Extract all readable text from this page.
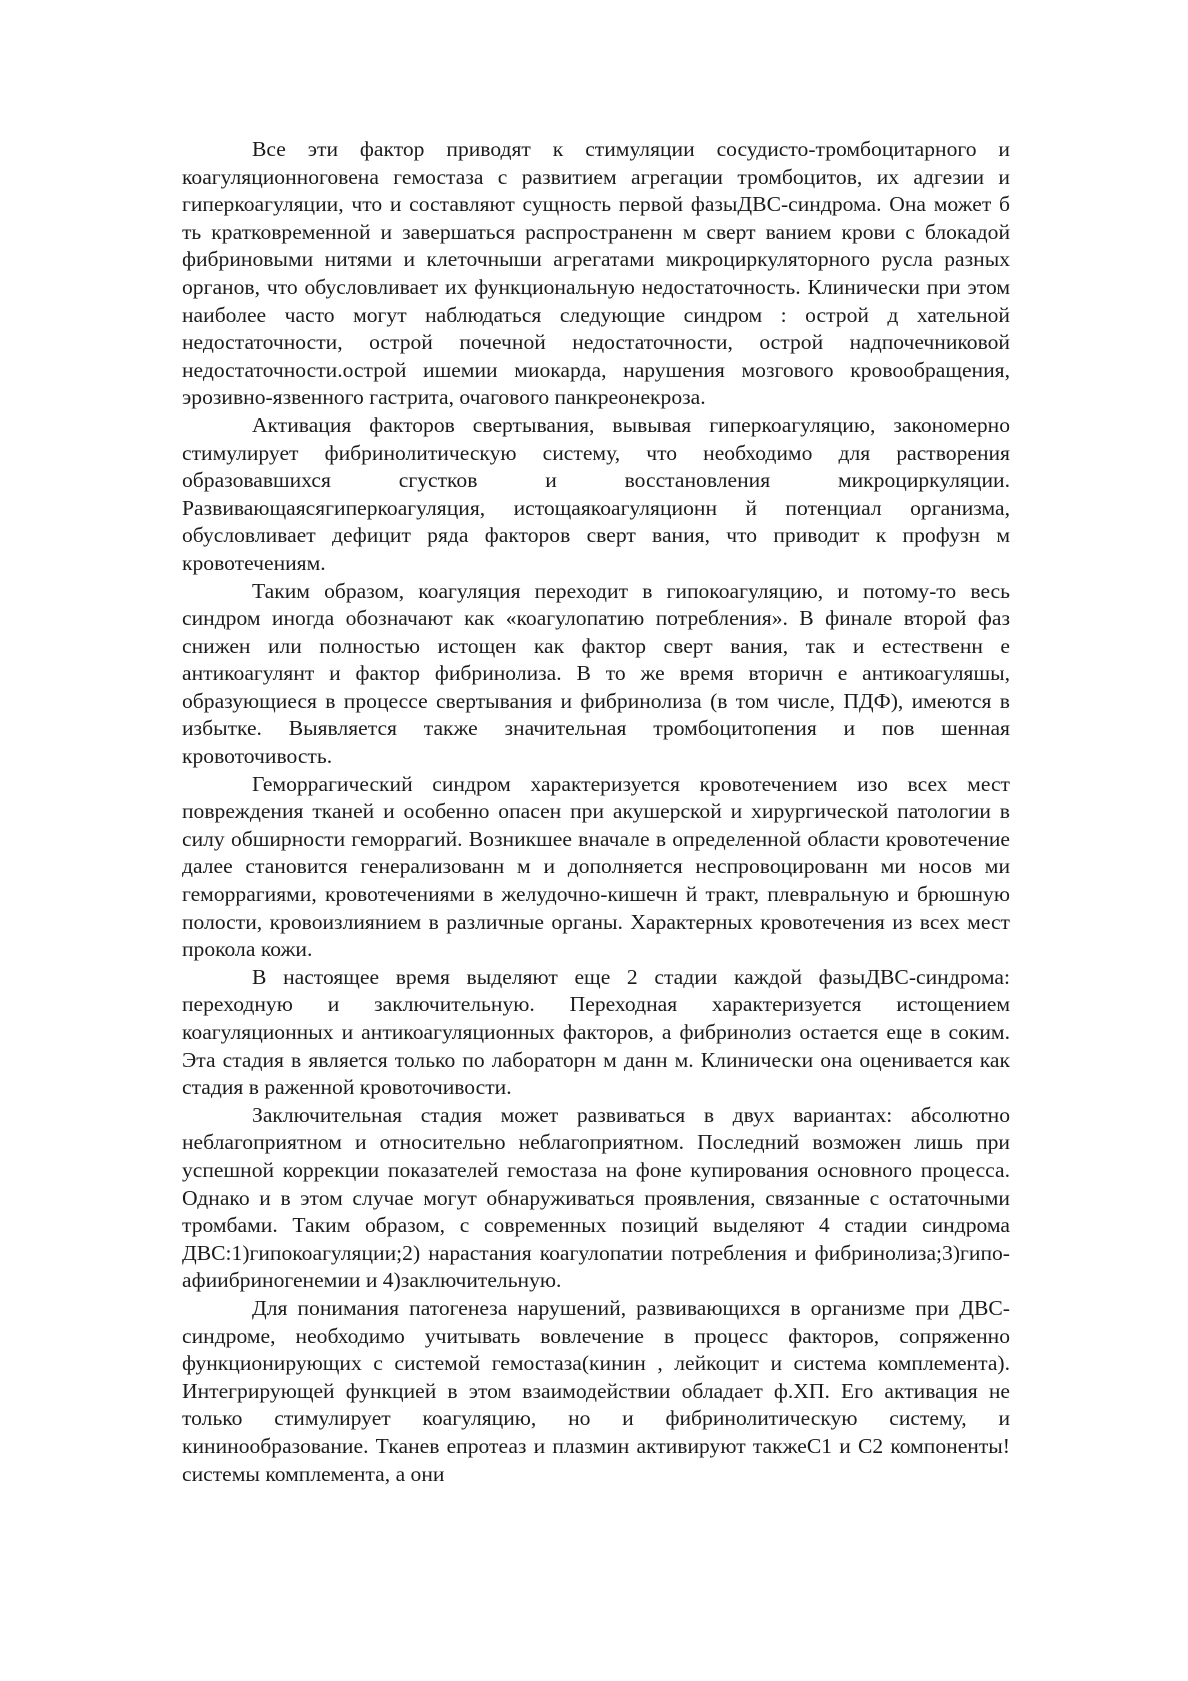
Все эти фактор приводят к стимуляции сосудисто-тромбоцитарного и коагуляционноговена гемостаза с развитием агрегации тромбоцитов, их адгезии и гиперкоагуляции, что и составляют сущность первой фазыДВС-синдрома. Она может б ть кратковременной и завершаться распространенн м сверт ванием крови с блокадой фибриновыми нитями и клеточныши агрегатами микроциркуляторного русла разных органов, что обусловливает их функциональную недостаточность. Клинически при этом наиболее часто могут наблюдаться следующие синдром : острой д хательной недостаточности, острой почечной недостаточности, острой надпочечниковой недостаточности.острой ишемии миокарда, нарушения мозгового кровообращения, эрозивно-язвенного гастрита, очагового панкреонекроза.

Активация факторов свертывания, вывывая гиперкоагуляцию, закономерно стимулирует фибринолитическую систему, что необходимо для растворения образовавшихся сгустков и восстановления микроциркуляции. Развивающаясягиперкоагуляция, истощаякоагуляционн й потенциал организма, обусловливает дефицит ряда факторов сверт вания, что приводит к профузн м кровотечениям.

Таким образом, коагуляция переходит в гипокоагуляцию, и потому-то весь синдром иногда обозначают как «коагулопатию потребления». В финале второй фаз снижен или полностью истощен как фактор сверт вания, так и естественн е антикоагулянт и фактор фибринолиза. В то же время вторичн е антикоагуляшы, образующиеся в процессе свертывания и фибринолиза (в том числе, ПДФ), имеются в избытке. Выявляется также значительная тромбоцитопения и пов шенная кровоточивость.

Геморрагический синдром характеризуется кровотечением изо всех мест повреждения тканей и особенно опасен при акушерской и хирургической патологии в силу обширности геморрагий. Возникшее вначале в определенной области кровотечение далее становится генерализованн м и дополняется неспровоцированн ми носов ми геморрагиями, кровотечениями в желудочно-кишечн й тракт, плевральную и брюшную полости, кровоизлиянием в различные органы. Характерных кровотечения из всех мест прокола кожи.

В настоящее время выделяют еще 2 стадии каждой фазыДВС-синдрома: переходную и заключительную. Переходная характеризуется истощением коагуляционных и антикоагуляционных факторов, а фибринолиз остается еще в соким. Эта стадия в является только по лабораторн м данн м. Клинически она оценивается как стадия в раженной кровоточивости.

Заключительная стадия может развиваться в двух вариантах: абсолютно неблагоприятном и относительно неблагоприятном. Последний возможен лишь при успешной коррекции показателей гемостаза на фоне купирования основного процесса. Однако и в этом случае могут обнаруживаться проявления, связанные с остаточными тромбами. Таким образом, с современных позиций выделяют 4 стадии синдрома ДВС:1)гипокоагуляции;2) нарастания коагулопатии потребления и фибринолиза;3)гипо-афиибриногенемии и 4)заключительную.

Для понимания патогенеза нарушений, развивающихся в организме при ДВС-синдроме, необходимо учитывать вовлечение в процесс факторов, сопряженно функционирующих с системой гемостаза(кинин , лейкоцит и система комплемента). Интегрирующей функцией в этом взаимодействии обладает ф.ХП. Его активация не только стимулирует коагуляцию, но и фибринолитическую систему, и кининообразование. Тканев епротеаз и плазмин активируют такжеС1 и С2 компоненты! системы комплемента, а они
